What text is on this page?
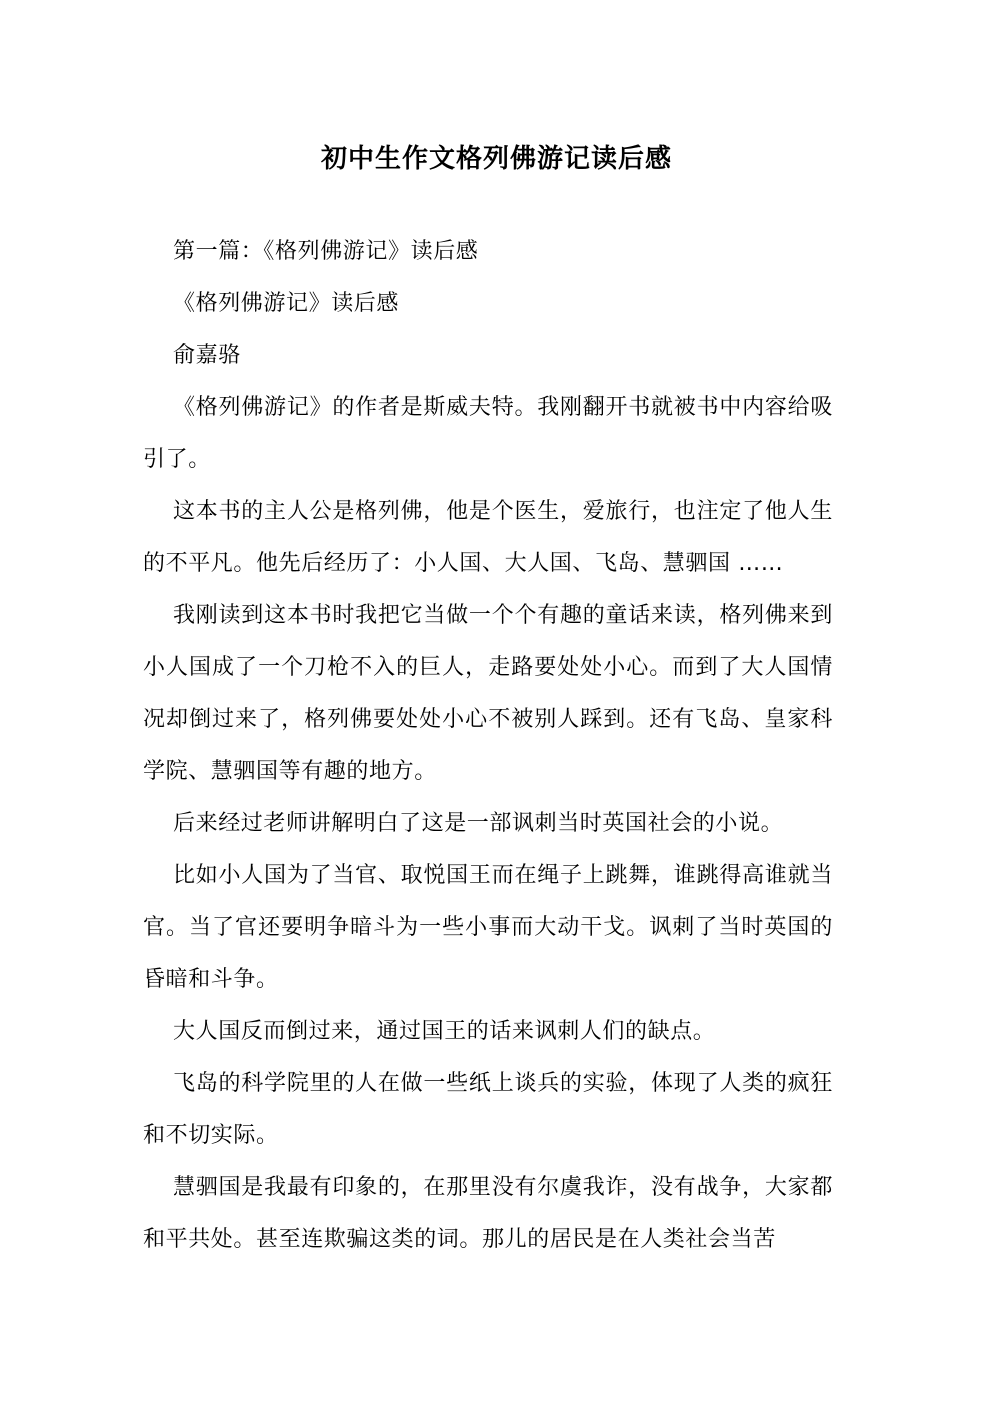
初中生作文格列佛游记读后感

第一篇：《格列佛游记》读后感

《格列佛游记》读后感

俞嘉骆

《格列佛游记》的作者是斯威夫特。我刚翻开书就被书中内容给吸引了。

这本书的主人公是格列佛，他是个医生，爱旅行，也注定了他人生的不平凡。他先后经历了：小人国、大人国、飞岛、慧驷国 ……

我刚读到这本书时我把它当做一个个有趣的童话来读，格列佛来到小人国成了一个刀枪不入的巨人，走路要处处小心。而到了大人国情况却倒过来了，格列佛要处处小心不被别人踩到。还有飞岛、皇家科学院、慧驷国等有趣的地方。

后来经过老师讲解明白了这是一部讽刺当时英国社会的小说。

比如小人国为了当官、取悦国王而在绳子上跳舞，谁跳得高谁就当官。当了官还要明争暗斗为一些小事而大动干戈。讽刺了当时英国的昏暗和斗争。

大人国反而倒过来，通过国王的话来讽刺人们的缺点。

飞岛的科学院里的人在做一些纸上谈兵的实验，体现了人类的疯狂和不切实际。

慧驷国是我最有印象的，在那里没有尔虞我诈，没有战争，大家都和平共处。甚至连欺骗这类的词。那儿的居民是在人类社会当苦
